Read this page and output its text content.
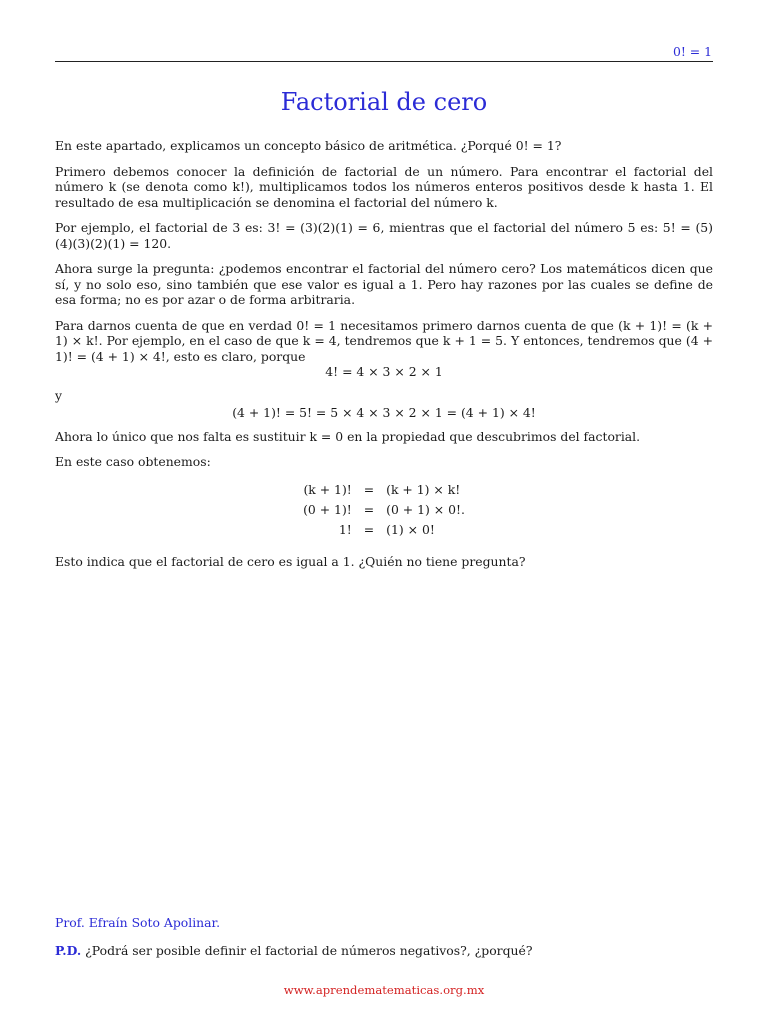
0! = 1
Factorial de cero

En este apartado, explicamos un concepto básico de aritmética. ¿Porqué 0! = 1?

Primero debemos conocer la definición de factorial de un número. Para encontrar el factorial del número k (se denota como k!), multiplicamos todos los números enteros positivos desde k hasta 1. El resultado de esa multiplicación se denomina el factorial del número k.

Por ejemplo, el factorial de 3 es: 3! = (3)(2)(1) = 6, mientras que el factorial del número 5 es: 5! = (5)(4)(3)(2)(1) = 120.

Ahora surge la pregunta: ¿podemos encontrar el factorial del número cero? Los matemáticos dicen que sí, y no solo eso, sino también que ese valor es igual a 1. Pero hay razones por las cuales se define de esa forma; no es por azar o de forma arbitraria.

Para darnos cuenta de que en verdad 0! = 1 necesitamos primero darnos cuenta de que (k + 1)! = (k + 1) × k!. Por ejemplo, en el caso de que k = 4, tendremos que k + 1 = 5. Y entonces, tendremos que (4 + 1)! = (4 + 1) × 4!, esto es claro, porque

4! = 4 × 3 × 2 × 1
y
(4 + 1)! = 5! = 5 × 4 × 3 × 2 × 1 = (4 + 1) × 4!

Ahora lo único que nos falta es sustituir k = 0 en la propiedad que descubrimos del factorial.

En este caso obtenemos:

(k + 1)!	=	(k + 1) × k!
(0 + 1)!	=	(0 + 1) × 0!.
1!	=	(1) × 0!

Esto indica que el factorial de cero es igual a 1. ¿Quién no tiene pregunta?

Prof. Efraín Soto Apolinar.
P.D. ¿Podrá ser posible definir el factorial de números negativos?, ¿porqué?
www.aprendematematicas.org.mx
